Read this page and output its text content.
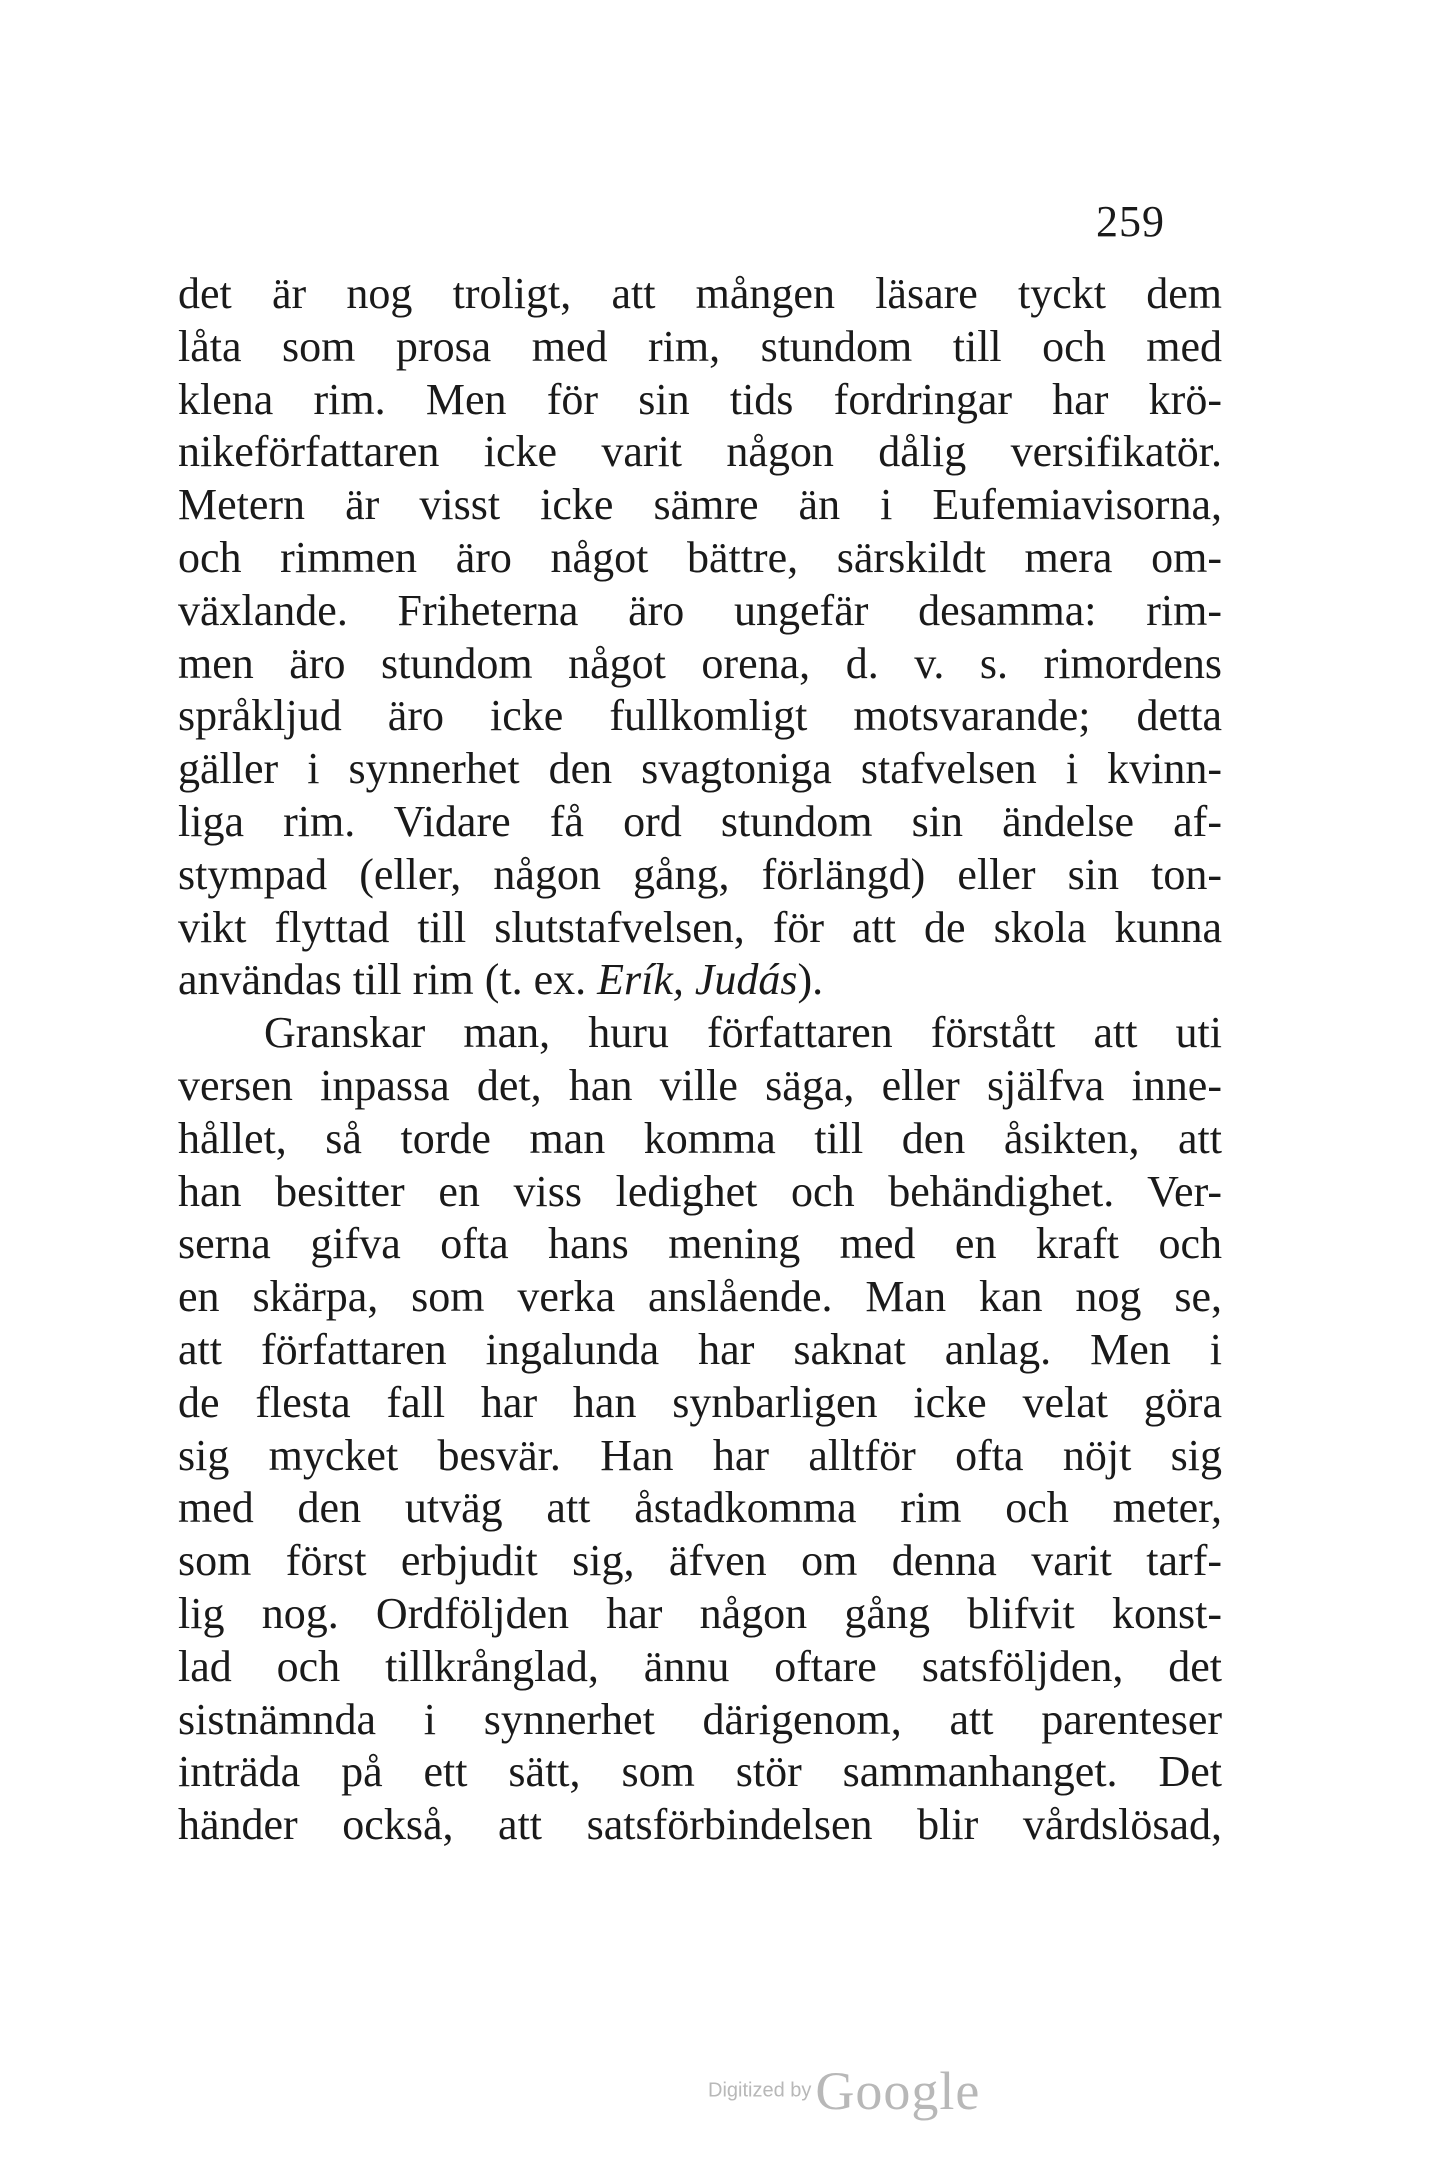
259
det är nog troligt, att mången läsare tyckt dem
låta som prosa med rim, stundom till och med
klena rim. Men för sin tids fordringar har krö-
nikeförfattaren icke varit någon dålig versifikatör.
Metern är visst icke sämre än i Eufemiavisorna,
och rimmen äro något bättre, särskildt mera om-
växlande. Friheterna äro ungefär desamma: rim-
men äro stundom något orena, d. v. s. rimordens
språkljud äro icke fullkomligt motsvarande; detta
gäller i synnerhet den svagtoniga stafvelsen i kvinn-
liga rim. Vidare få ord stundom sin ändelse af-
stympad (eller, någon gång, förlängd) eller sin ton-
vikt flyttad till slutstafvelsen, för att de skola kunna
användas till rim (t. ex. Erík, Judás).
Granskar man, huru författaren förstått att uti
versen inpassa det, han ville säga, eller själfva inne-
hållet, så torde man komma till den åsikten, att
han besitter en viss ledighet och behändighet. Ver-
serna gifva ofta hans mening med en kraft och
en skärpa, som verka anslående. Man kan nog se,
att författaren ingalunda har saknat anlag. Men i
de flesta fall har han synbarligen icke velat göra
sig mycket besvär. Han har alltför ofta nöjt sig
med den utväg att åstadkomma rim och meter,
som först erbjudit sig, äfven om denna varit tarf-
lig nog. Ordföljden har någon gång blifvit konst-
lad och tillkrånglad, ännu oftare satsföljden, det
sistnämnda i synnerhet därigenom, att parenteser
inträda på ett sätt, som stör sammanhanget. Det
händer också, att satsförbindelsen blir vårdslösad,
Digitized by Google
